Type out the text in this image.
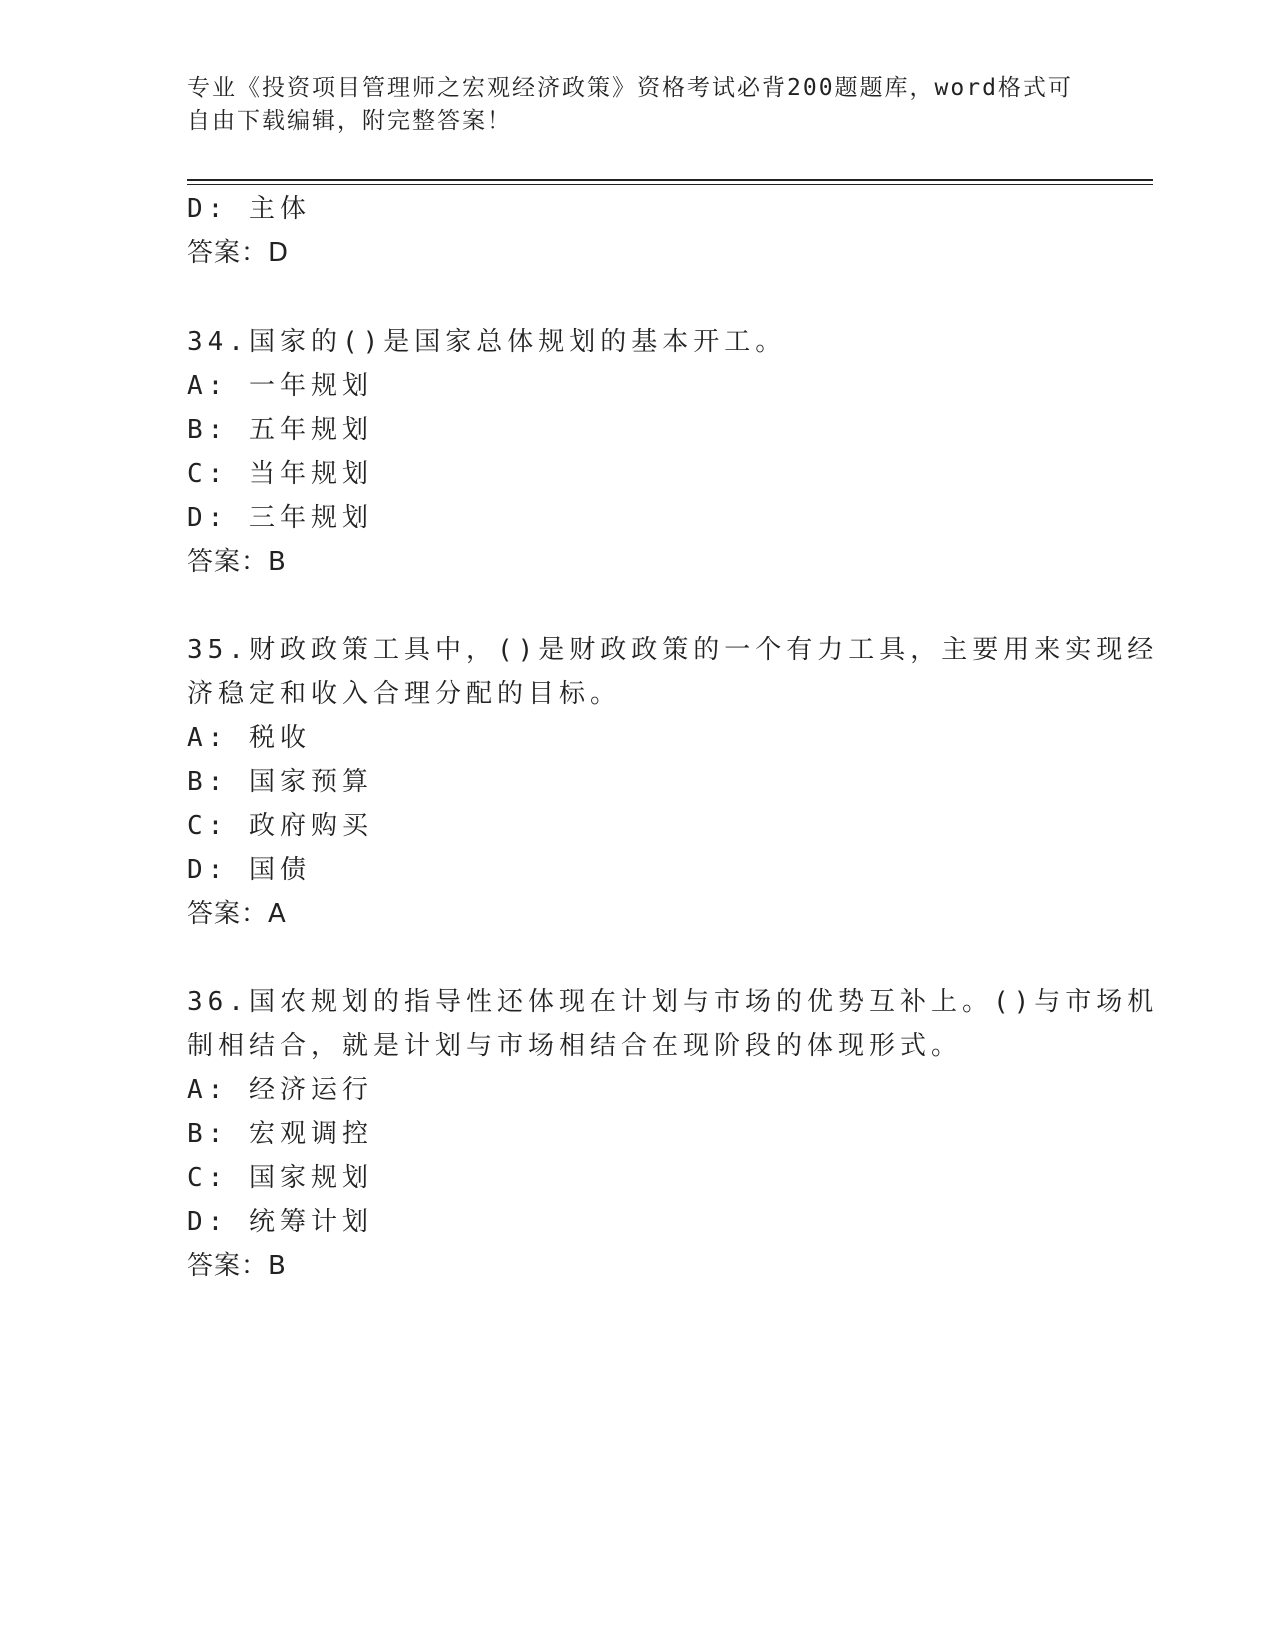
专业《投资项目管理师之宏观经济政策》资格考试必背200题题库，word格式可
自由下载编辑，附完整答案！
D: 主体
答案：D
34.国家的()是国家总体规划的基本开工。
A: 一年规划
B: 五年规划
C: 当年规划
D: 三年规划
答案：B
35.财政政策工具中，()是财政政策的一个有力工具，主要用来实现经
济稳定和收入合理分配的目标。
A: 税收
B: 国家预算
C: 政府购买
D: 国债
答案：A
36.国农规划的指导性还体现在计划与市场的优势互补上。()与市场机
制相结合，就是计划与市场相结合在现阶段的体现形式。
A: 经济运行
B: 宏观调控
C: 国家规划
D: 统筹计划
答案：B
